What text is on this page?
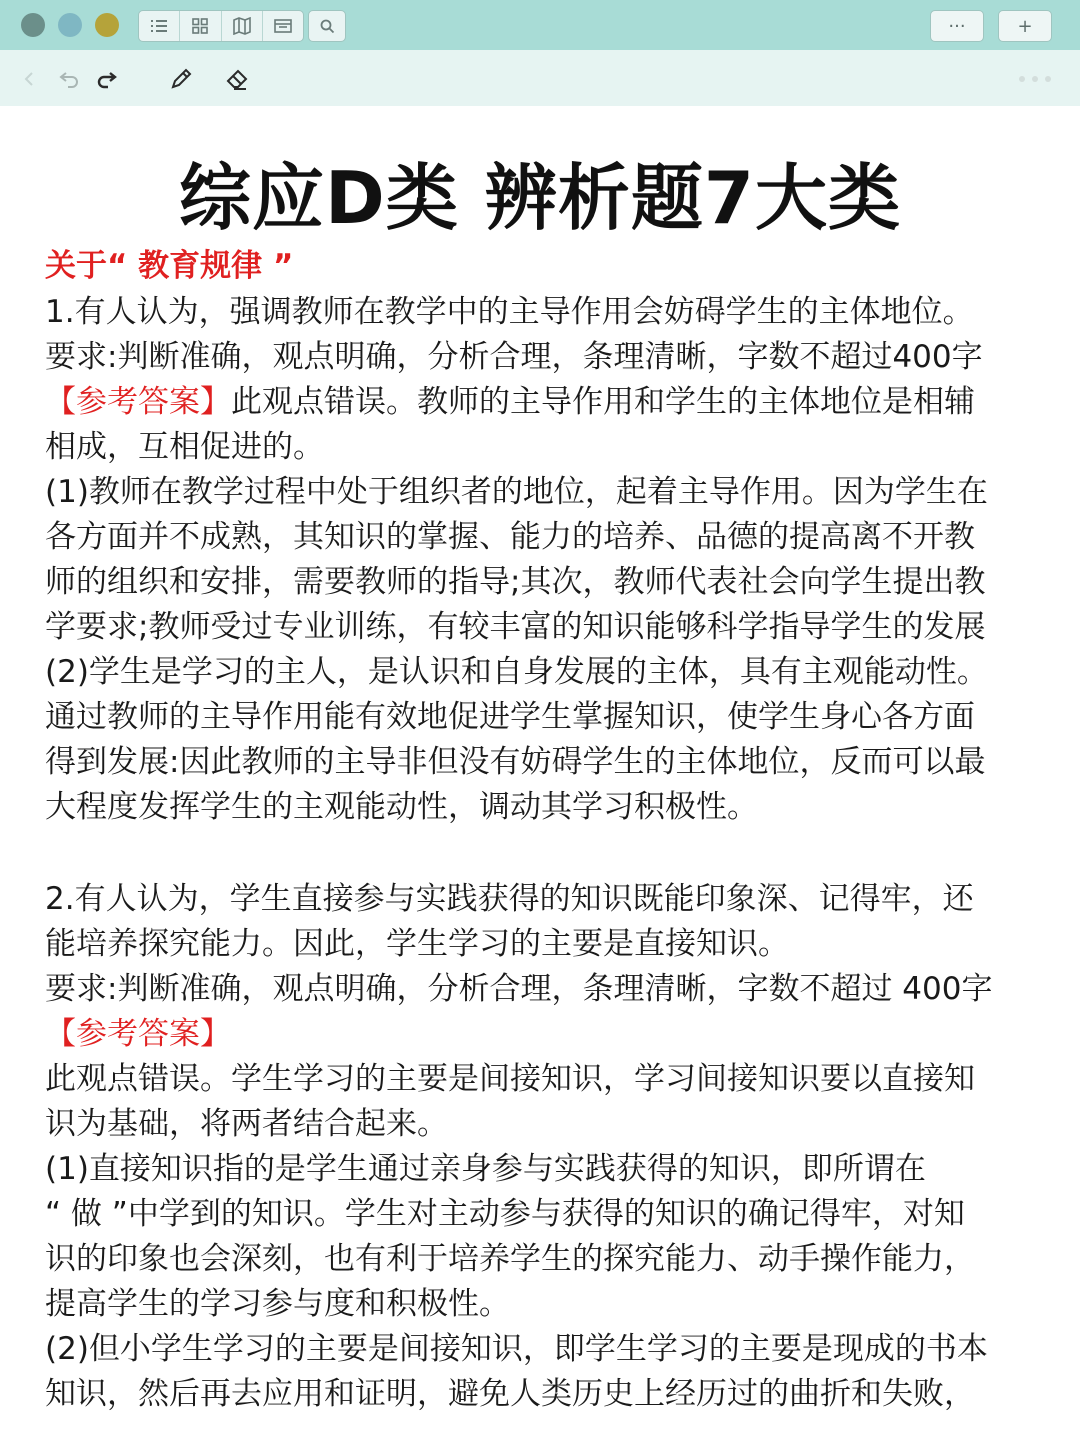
···	+
综应D类 辨析题7大类
关于“ 教育规律 ”
1.有人认为，强调教师在教学中的主导作用会妨碍学生的主体地位。
要求:判断准确，观点明确，分析合理，条理清晰，字数不超过400字
【参考答案】此观点错误。教师的主导作用和学生的主体地位是相辅
相成，互相促进的。
(1)教师在教学过程中处于组织者的地位，起着主导作用。因为学生在
各方面并不成熟，其知识的掌握、能力的培养、品德的提高离不开教
师的组织和安排，需要教师的指导;其次，教师代表社会向学生提出教
学要求;教师受过专业训练，有较丰富的知识能够科学指导学生的发展
(2)学生是学习的主人，是认识和自身发展的主体，具有主观能动性。
通过教师的主导作用能有效地促进学生掌握知识，使学生身心各方面
得到发展:因此教师的主导非但没有妨碍学生的主体地位，反而可以最
大程度发挥学生的主观能动性，调动其学习积极性。
2.有人认为，学生直接参与实践获得的知识既能印象深、记得牢，还
能培养探究能力。因此，学生学习的主要是直接知识。
要求:判断准确，观点明确，分析合理，条理清晰，字数不超过 400字
【参考答案】
此观点错误。学生学习的主要是间接知识，学习间接知识要以直接知
识为基础，将两者结合起来。
(1)直接知识指的是学生通过亲身参与实践获得的知识，即所谓在
“ 做 ”中学到的知识。学生对主动参与获得的知识的确记得牢，对知
识的印象也会深刻，也有利于培养学生的探究能力、动手操作能力，
提高学生的学习参与度和积极性。
(2)但小学生学习的主要是间接知识，即学生学习的主要是现成的书本
知识，然后再去应用和证明，避免人类历史上经历过的曲折和失败，
